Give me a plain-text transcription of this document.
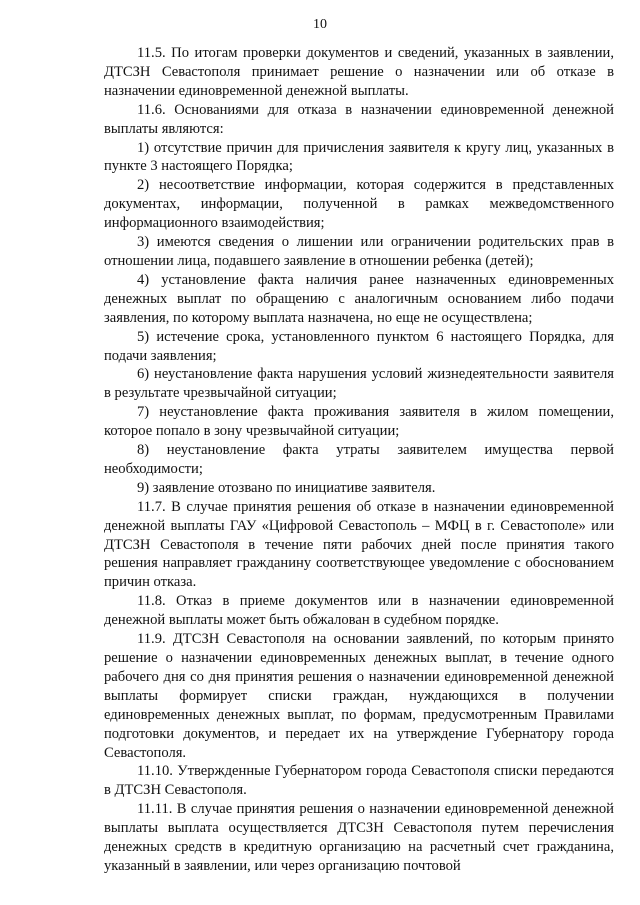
10

11.5. По итогам проверки документов и сведений, указанных в заявлении, ДТСЗН Севастополя принимает решение о назначении или об отказе в назначении единовременной денежной выплаты.

11.6. Основаниями для отказа в назначении единовременной денежной выплаты являются:

1) отсутствие причин для причисления заявителя к кругу лиц, указанных в пункте 3 настоящего Порядка;

2) несоответствие информации, которая содержится в представленных документах, информации, полученной в рамках межведомственного информационного взаимодействия;

3) имеются сведения о лишении или ограничении родительских прав в отношении лица, подавшего заявление в отношении ребенка (детей);

4) установление факта наличия ранее назначенных единовременных денежных выплат по обращению с аналогичным основанием либо подачи заявления, по которому выплата назначена, но еще не осуществлена;

5) истечение срока, установленного пунктом 6 настоящего Порядка, для подачи заявления;

6) неустановление факта нарушения условий жизнедеятельности заявителя в результате чрезвычайной ситуации;

7) неустановление факта проживания заявителя в жилом помещении, которое попало в зону чрезвычайной ситуации;

8) неустановление факта утраты заявителем имущества первой необходимости;

9) заявление отозвано по инициативе заявителя.

11.7. В случае принятия решения об отказе в назначении единовременной денежной выплаты ГАУ «Цифровой Севастополь – МФЦ в г. Севастополе» или ДТСЗН Севастополя в течение пяти рабочих дней после принятия такого решения направляет гражданину соответствующее уведомление с обоснованием причин отказа.

11.8. Отказ в приеме документов или в назначении единовременной денежной выплаты может быть обжалован в судебном порядке.

11.9. ДТСЗН Севастополя на основании заявлений, по которым принято решение о назначении единовременных денежных выплат, в течение одного рабочего дня со дня принятия решения о назначении единовременной денежной выплаты формирует списки граждан, нуждающихся в получении единовременных денежных выплат, по формам, предусмотренным Правилами подготовки документов, и передает их на утверждение Губернатору города Севастополя.

11.10. Утвержденные Губернатором города Севастополя списки передаются в ДТСЗН Севастополя.

11.11. В случае принятия решения о назначении единовременной денежной выплаты выплата осуществляется ДТСЗН Севастополя путем перечисления денежных средств в кредитную организацию на расчетный счет гражданина, указанный в заявлении, или через организацию почтовой
